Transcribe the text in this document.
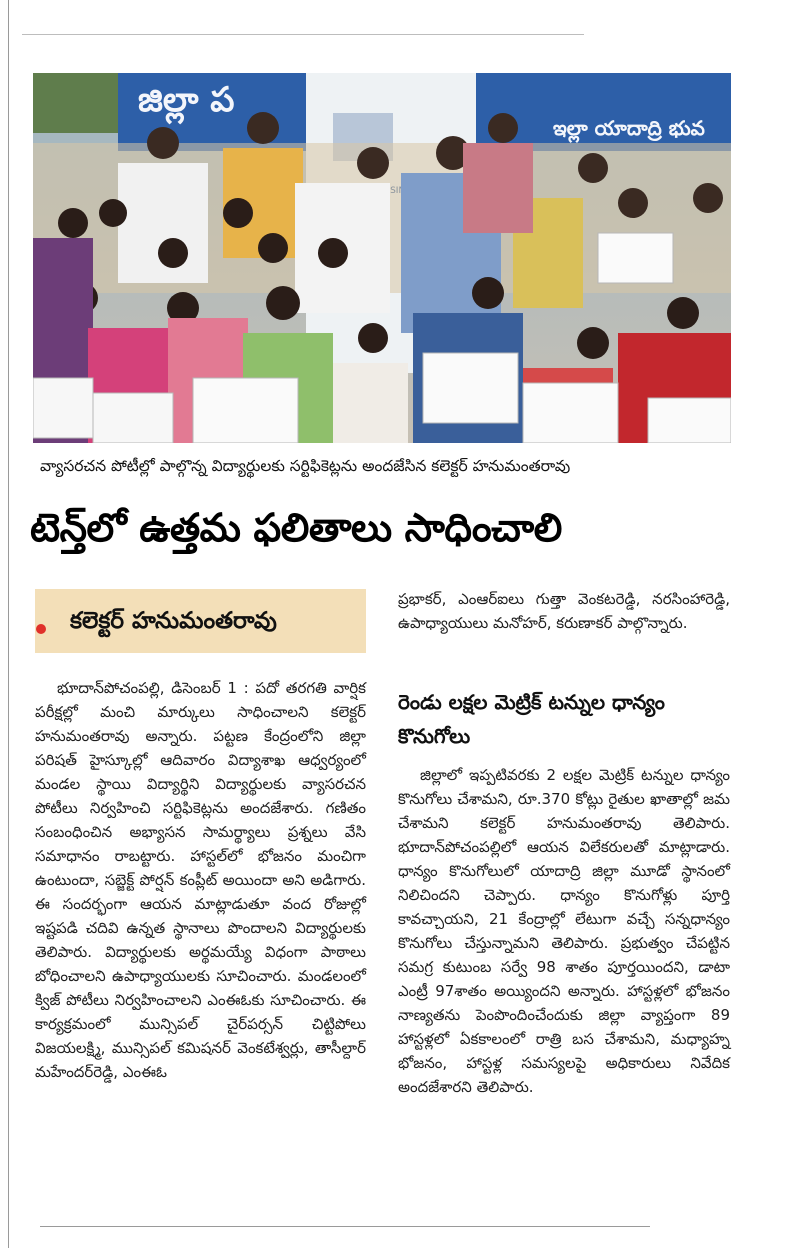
జిల్లా ప
ఇల్లా యాదాద్రి భువ
వ్యాసరచన పోటీల్లో పాల్గొన్న విద్యార్థులకు సర్టిఫికెట్లను అందజేసిన కలెక్టర్ హనుమంతరావు
టెన్త్‌లో ఉత్తమ ఫలితాలు సాధించాలి
కలెక్టర్ హనుమంతరావు

భూదాన్‌పోచంపల్లి, డిసెంబర్ 1 : పదో తరగతి వార్షిక పరీక్షల్లో మంచి మార్కులు సాధించాలని కలెక్టర్ హనుమంతరావు అన్నారు. పట్టణ కేంద్రంలోని జిల్లా పరిషత్ హైస్కూల్లో ఆదివారం విద్యాశాఖ ఆధ్వర్యంలో మండల స్థాయి విద్యార్థిని విద్యార్థులకు వ్యాసరచన పోటీలు నిర్వహించి సర్టిఫికెట్లను అందజేశారు. గణితం సంబంధించిన అభ్యాసన సామర్థ్యాలు ప్రశ్నలు వేసి సమాధానం రాబట్టారు. హాస్టల్‌లో భోజనం మంచిగా ఉంటుందా, సబ్జెక్ట్ పోర్షన్ కంప్లీట్ అయిందా అని అడిగారు. ఈ సందర్భంగా ఆయన మాట్లాడుతూ వంద రోజుల్లో ఇష్టపడి చదివి ఉన్నత స్థానాలు పొందాలని విద్యార్థులకు తెలిపారు. విద్యార్థులకు అర్థమయ్యే విధంగా పాఠాలు బోధించాలని ఉపాధ్యాయులకు సూచించారు. మండలంలో క్విజ్ పోటీలు నిర్వహించాలని ఎంఈఓకు సూచించారు. ఈ కార్యక్రమంలో మున్సిపల్ చైర్‌పర్సన్ చిట్టిపోలు విజయలక్ష్మి, మున్సిపల్ కమిషనర్ వెంకటేశ్వర్లు, తాసీల్దార్ మహేందర్‌రెడ్డి, ఎంఈఓ

ప్రభాకర్, ఎంఆర్ఐలు గుత్తా వెంకటరెడ్డి, నరసింహారెడ్డి, ఉపాధ్యాయులు మనోహర్, కరుణాకర్ పాల్గొన్నారు.

రెండు లక్షల మెట్రిక్ టన్నుల ధాన్యం కొనుగోలు

జిల్లాలో ఇప్పటివరకు 2 లక్షల మెట్రిక్ టన్నుల ధాన్యం కొనుగోలు చేశామని, రూ.370 కోట్లు రైతుల ఖాతాల్లో జమ చేశామని కలెక్టర్ హనుమంతరావు తెలిపారు. భూదాన్‌పోచంపల్లిలో ఆయన విలేకరులతో మాట్లాడారు. ధాన్యం కొనుగోలులో యాదాద్రి జిల్లా మూడో స్థానంలో నిలిచిందని చెప్పారు. ధాన్యం కొనుగోళ్లు పూర్తి కావచ్చాయని, 21 కేంద్రాల్లో లేటుగా వచ్చే సన్నధాన్యం కొనుగోలు చేస్తున్నామని తెలిపారు. ప్రభుత్వం చేపట్టిన సమగ్ర కుటుంబ సర్వే 98 శాతం పూర్తయిందని, డాటా ఎంట్రీ 97శాతం అయ్యిందని అన్నారు. హాస్టళ్లలో భోజనం నాణ్యతను పెంపొందించేందుకు జిల్లా వ్యాప్తంగా 89 హాస్టళ్లలో ఏకకాలంలో రాత్రి బస చేశామని, మధ్యాహ్న భోజనం, హాస్టళ్ల సమస్యలపై అధికారులు నివేదిక అందజేశారని తెలిపారు.
